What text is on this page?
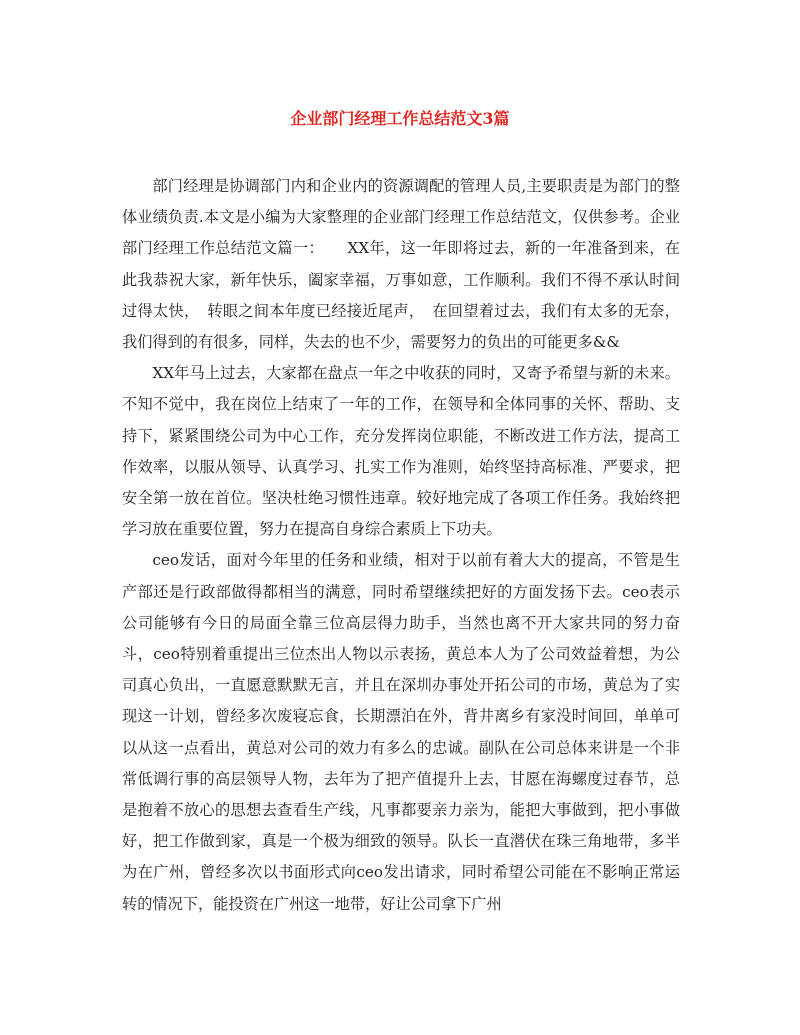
企业部门经理工作总结范文3篇

部门经理是协调部门内和企业内的资源调配的管理人员,主要职责是为部门的整体业绩负责.本文是小编为大家整理的企业部门经理工作总结范文，仅供参考。企业部门经理工作总结范文篇一：　　XX年，这一年即将过去，新的一年准备到来，在此我恭祝大家，新年快乐，阖家幸福，万事如意，工作顺利。我们不得不承认时间过得太快，　转眼之间本年度已经接近尾声，　在回望着过去，我们有太多的无奈，我们得到的有很多，同样，失去的也不少，需要努力的负出的可能更多&&

XX年马上过去，大家都在盘点一年之中收获的同时，又寄予希望与新的未来。不知不觉中，我在岗位上结束了一年的工作，在领导和全体同事的关怀、帮助、支持下，紧紧围绕公司为中心工作，充分发挥岗位职能，不断改进工作方法，提高工作效率，以服从领导、认真学习、扎实工作为准则，始终坚持高标准、严要求，把安全第一放在首位。坚决杜绝习惯性违章。较好地完成了各项工作任务。我始终把学习放在重要位置，努力在提高自身综合素质上下功夫。

ceo发话，面对今年里的任务和业绩，相对于以前有着大大的提高，不管是生产部还是行政部做得都相当的满意，同时希望继续把好的方面发扬下去。ceo表示公司能够有今日的局面全靠三位高层得力助手，当然也离不开大家共同的努力奋斗，ceo特别着重提出三位杰出人物以示表扬，黄总本人为了公司效益着想，为公司真心负出，一直愿意默默无言，并且在深圳办事处开拓公司的市场，黄总为了实现这一计划，曾经多次废寝忘食，长期漂泊在外，背井离乡有家没时间回，单单可以从这一点看出，黄总对公司的效力有多么的忠诚。副队在公司总体来讲是一个非常低调行事的高层领导人物，去年为了把产值提升上去，甘愿在海螺度过春节，总是抱着不放心的思想去查看生产线，凡事都要亲力亲为，能把大事做到，把小事做好，把工作做到家，真是一个极为细致的领导。队长一直潜伏在珠三角地带，多半为在广州，曾经多次以书面形式向ceo发出请求，同时希望公司能在不影响正常运转的情况下，能投资在广州这一地带，好让公司拿下广州
